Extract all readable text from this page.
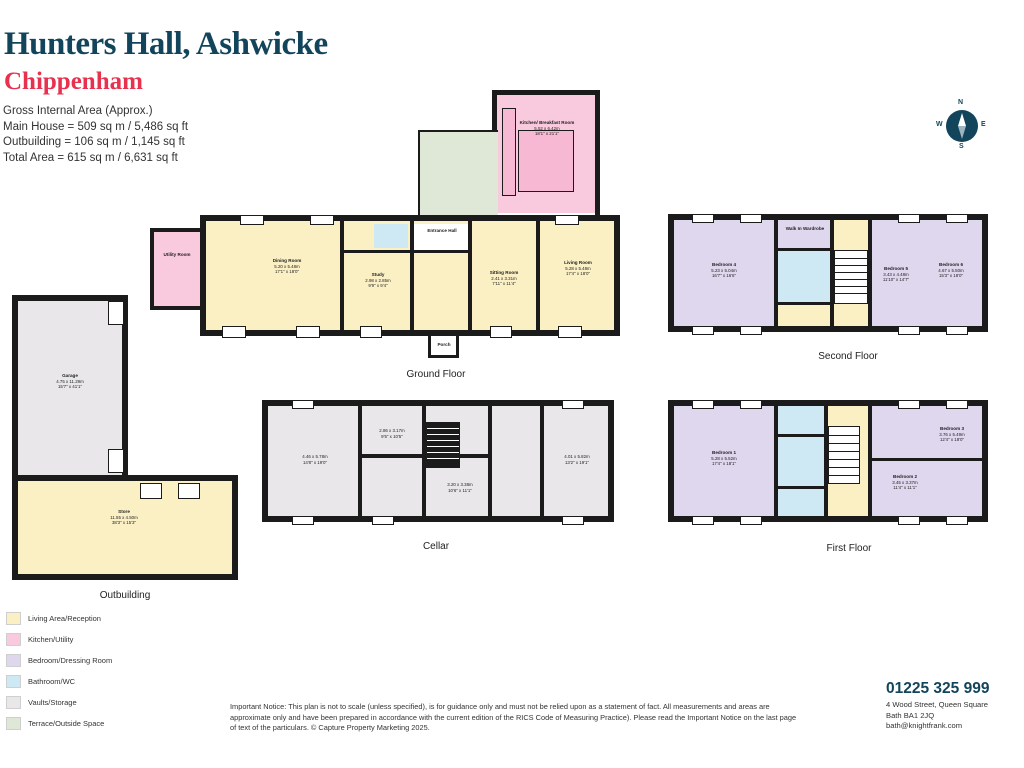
Hunters Hall, Ashwicke
Chippenham
Gross Internal Area (Approx.)
Main House = 509 sq m / 5,486 sq ft
Outbuilding = 106 sq m / 1,145 sq ft
Total Area = 615 sq m / 6,631 sq ft
N
S
E
W
Kitchen/ Breakfast Room
5.52 x 6.42m
18'1" x 21'1"
Utility Room
Dining Room
5.20 x 5.48m
17'1" x 18'0"
Entrance Hall
Study
2.98 x 2.85m
9'9" x 9'4"
Sitting Room
2.41 x 3.31m
7'11" x 11'4"
Living Room
5.28 x 5.48m
17'4" x 18'0"
Porch
Ground Floor
4.46 x 5.78m
14'8" x 19'0"
2.86 x 3.17m
9'5" x 10'5"
3.20 x 3.38m
10'6" x 11'1"
4.01 x 5.82m
13'2" x 19'1"
Cellar
Bedroom 4
5.23 x 5.04m
16'7" x 16'6"
Walk In Wardrobe
Bedroom 5
3.43 x 4.48m
11'10" x 14'7"
Bedroom 6
4.67 x 5.50m
15'3" x 18'0"
Second Floor
Bedroom 1
5.28 x 5.52m
17'4" x 18'1"
Bedroom 2
3.45 x 3.37m
11'4" x 11'1"
Bedroom 3
3.76 x 5.49m
12'4" x 18'0"
First Floor
Garage
4.75 x 11.29m
15'7" x 41'1"
Store
11.55 x 4.50m
38'3" x 15'3"
Outbuilding
Living Area/Reception
Kitchen/Utility
Bedroom/Dressing Room
Bathroom/WC
Vaults/Storage
Terrace/Outside Space
Important Notice: This plan is not to scale (unless specified), is for guidance only and must not be relied upon as a statement of fact. All measurements and areas are approximate only and have been prepared in accordance with the current edition of the RICS Code of Measuring Practice). Please read the Important Notice on the last page of text of the particulars. © Capture Property Marketing 2025.
01225 325 999
4 Wood Street, Queen Square
Bath BA1 2JQ
bath@knightfrank.com
